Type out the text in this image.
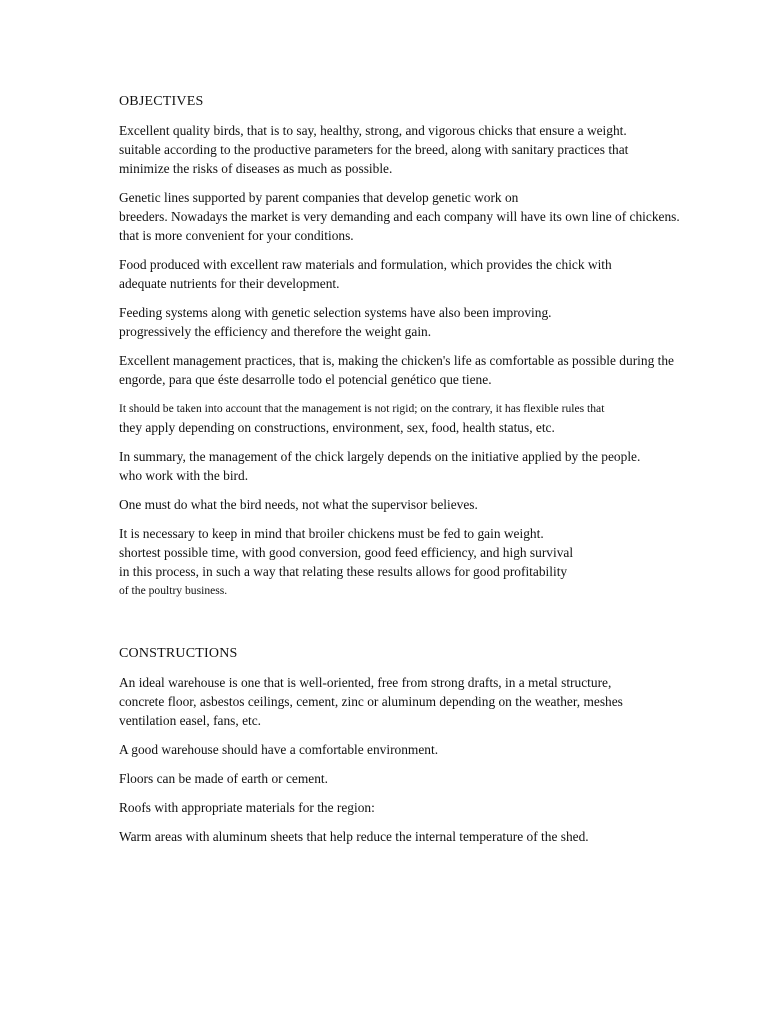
OBJECTIVES
Excellent quality birds, that is to say, healthy, strong, and vigorous chicks that ensure a weight.
suitable according to the productive parameters for the breed, along with sanitary practices that
minimize the risks of diseases as much as possible.
Genetic lines supported by parent companies that develop genetic work on
breeders. Nowadays the market is very demanding and each company will have its own line of chickens.
that is more convenient for your conditions.
Food produced with excellent raw materials and formulation, which provides the chick with
adequate nutrients for their development.
Feeding systems along with genetic selection systems have also been improving.
progressively the efficiency and therefore the weight gain.
Excellent management practices, that is, making the chicken's life as comfortable as possible during the
engorde, para que éste desarrolle todo el potencial genético que tiene.
It should be taken into account that the management is not rigid; on the contrary, it has flexible rules that
they apply depending on constructions, environment, sex, food, health status, etc.
In summary, the management of the chick largely depends on the initiative applied by the people.
who work with the bird.
One must do what the bird needs, not what the supervisor believes.
It is necessary to keep in mind that broiler chickens must be fed to gain weight.
shortest possible time, with good conversion, good feed efficiency, and high survival
in this process, in such a way that relating these results allows for good profitability
of the poultry business.
CONSTRUCTIONS
An ideal warehouse is one that is well-oriented, free from strong drafts, in a metal structure,
concrete floor, asbestos ceilings, cement, zinc or aluminum depending on the weather, meshes
ventilation easel, fans, etc.
A good warehouse should have a comfortable environment.
Floors can be made of earth or cement.
Roofs with appropriate materials for the region:
Warm areas with aluminum sheets that help reduce the internal temperature of the shed.
